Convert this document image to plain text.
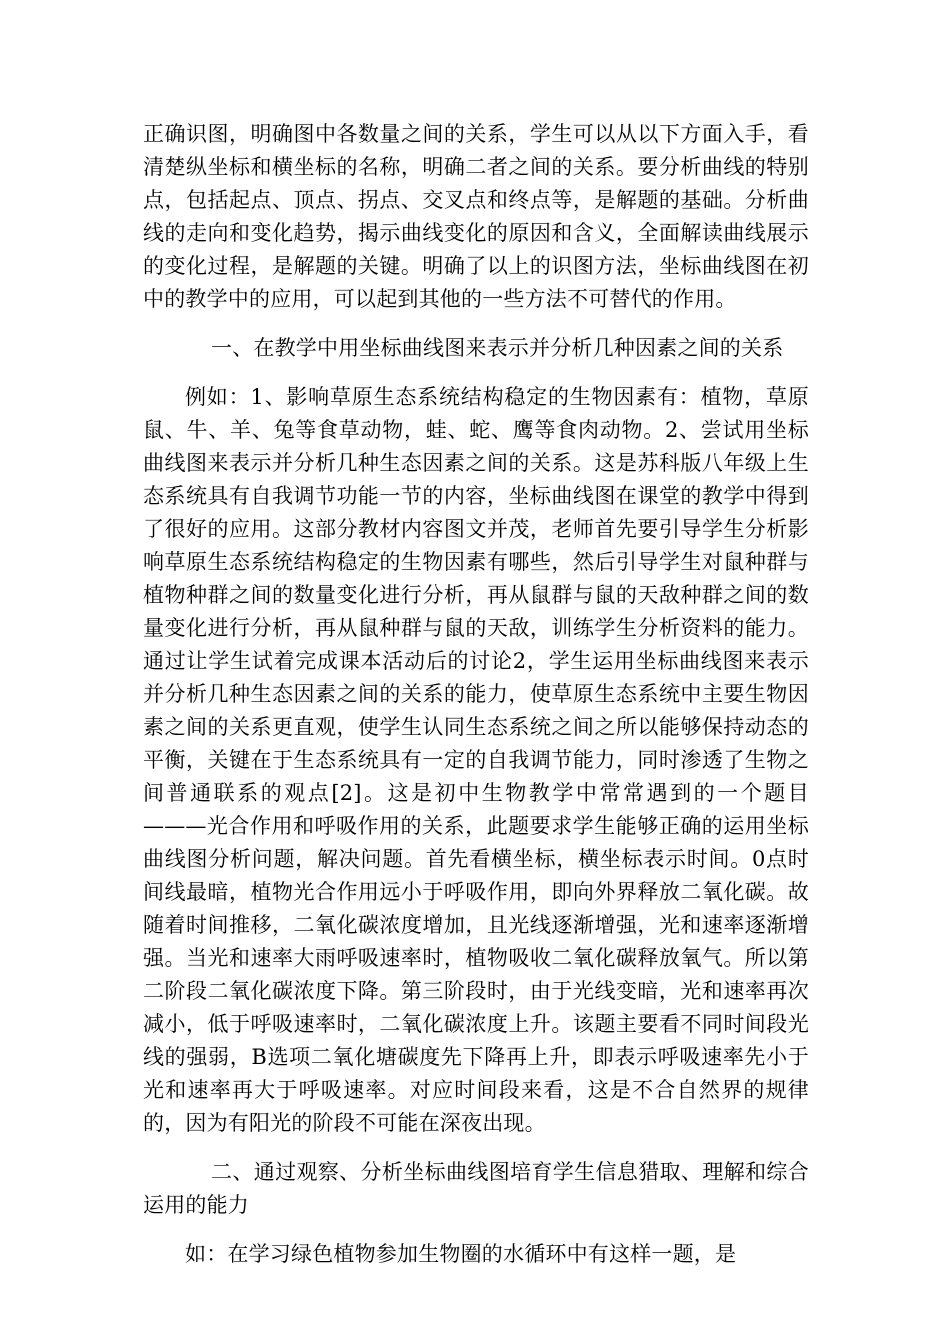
正确识图，明确图中各数量之间的关系，学生可以从以下方面入手，看清楚纵坐标和横坐标的名称，明确二者之间的关系。要分析曲线的特别点，包括起点、顶点、拐点、交叉点和终点等，是解题的基础。分析曲线的走向和变化趋势，揭示曲线变化的原因和含义，全面解读曲线展示的变化过程，是解题的关键。明确了以上的识图方法，坐标曲线图在初中的教学中的应用，可以起到其他的一些方法不可替代的作用。

一、在教学中用坐标曲线图来表示并分析几种因素之间的关系

例如：1、影响草原生态系统结构稳定的生物因素有：植物，草原鼠、牛、羊、兔等食草动物，蛙、蛇、鹰等食肉动物。2、尝试用坐标曲线图来表示并分析几种生态因素之间的关系。这是苏科版八年级上生态系统具有自我调节功能一节的内容，坐标曲线图在课堂的教学中得到了很好的应用。这部分教材内容图文并茂，老师首先要引导学生分析影响草原生态系统结构稳定的生物因素有哪些，然后引导学生对鼠种群与植物种群之间的数量变化进行分析，再从鼠群与鼠的天敌种群之间的数量变化进行分析，再从鼠种群与鼠的天敌，训练学生分析资料的能力。通过让学生试着完成课本活动后的讨论2，学生运用坐标曲线图来表示并分析几种生态因素之间的关系的能力，使草原生态系统中主要生物因素之间的关系更直观，使学生认同生态系统之间之所以能够保持动态的平衡，关键在于生态系统具有一定的自我调节能力，同时渗透了生物之间普通联系的观点[2]。这是初中生物教学中常常遇到的一个题目———光合作用和呼吸作用的关系，此题要求学生能够正确的运用坐标曲线图分析问题，解决问题。首先看横坐标，横坐标表示时间。0点时间线最暗，植物光合作用远小于呼吸作用，即向外界释放二氧化碳。故随着时间推移，二氧化碳浓度增加，且光线逐渐增强，光和速率逐渐增强。当光和速率大雨呼吸速率时，植物吸收二氧化碳释放氧气。所以第二阶段二氧化碳浓度下降。第三阶段时，由于光线变暗，光和速率再次减小，低于呼吸速率时，二氧化碳浓度上升。该题主要看不同时间段光线的强弱，B选项二氧化塘碳度先下降再上升，即表示呼吸速率先小于光和速率再大于呼吸速率。对应时间段来看，这是不合自然界的规律的，因为有阳光的阶段不可能在深夜出现。

二、通过观察、分析坐标曲线图培育学生信息猎取、理解和综合运用的能力

如：在学习绿色植物参加生物圈的水循环中有这样一题，是
